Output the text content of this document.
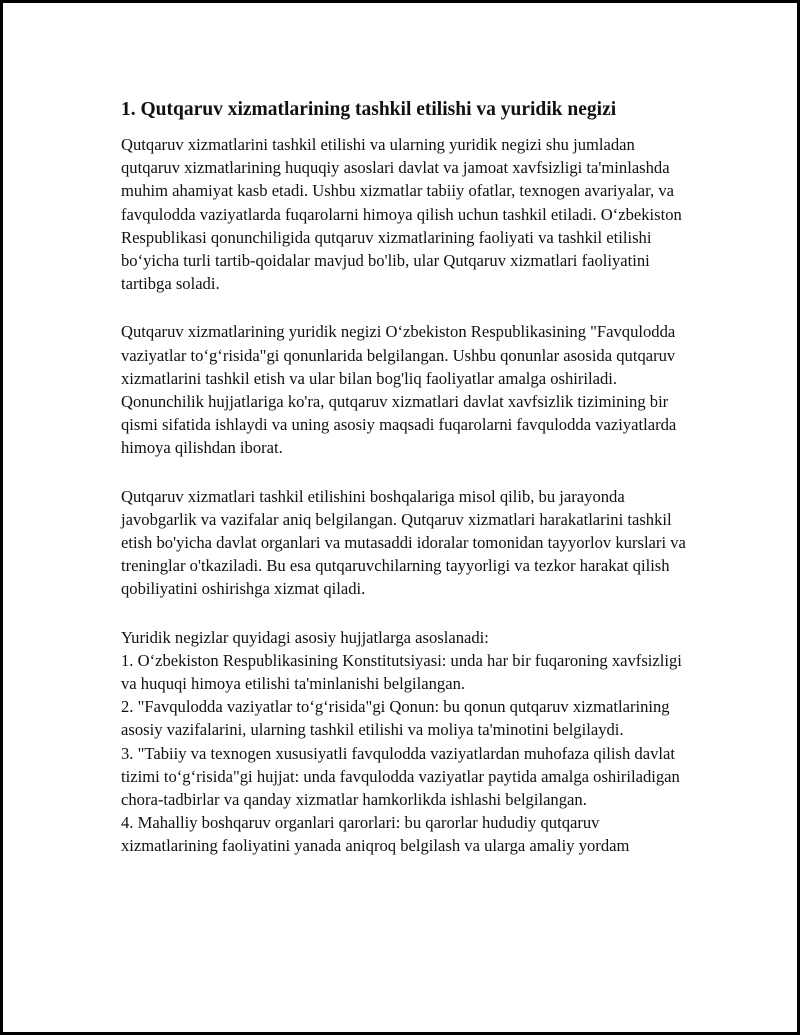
1. Qutqaruv xizmatlarining tashkil etilishi va yuridik negizi

Qutqaruv xizmatlarini tashkil etilishi va ularning yuridik negizi shu jumladan qutqaruv xizmatlarining huquqiy asoslari davlat va jamoat xavfsizligi ta'minlashda muhim ahamiyat kasb etadi. Ushbu xizmatlar tabiiy ofatlar, texnogen avariyalar, va favqulodda vaziyatlarda fuqarolarni himoya qilish uchun tashkil etiladi. Oʻzbekiston Respublikasi qonunchiligida qutqaruv xizmatlarining faoliyati va tashkil etilishi boʻyicha turli tartib-qoidalar mavjud bo'lib, ular Qutqaruv xizmatlari faoliyatini tartibga soladi.

Qutqaruv xizmatlarining yuridik negizi Oʻzbekiston Respublikasining "Favqulodda vaziyatlar toʻgʻrisida"gi qonunlarida belgilangan. Ushbu qonunlar asosida qutqaruv xizmatlarini tashkil etish va ular bilan bog'liq faoliyatlar amalga oshiriladi. Qonunchilik hujjatlariga ko'ra, qutqaruv xizmatlari davlat xavfsizlik tizimining bir qismi sifatida ishlaydi va uning asosiy maqsadi fuqarolarni favqulodda vaziyatlarda himoya qilishdan iborat.

Qutqaruv xizmatlari tashkil etilishini boshqalariga misol qilib, bu jarayonda javobgarlik va vazifalar aniq belgilangan. Qutqaruv xizmatlari harakatlarini tashkil etish bo'yicha davlat organlari va mutasaddi idoralar tomonidan tayyorlov kurslari va treninglar o'tkaziladi. Bu esa qutqaruvchilarning tayyorligi va tezkor harakat qilish qobiliyatini oshirishga xizmat qiladi.

Yuridik negizlar quyidagi asosiy hujjatlarga asoslanadi:

1. Oʻzbekiston Respublikasining Konstitutsiyasi: unda har bir fuqaroning xavfsizligi va huquqi himoya etilishi ta'minlanishi belgilangan.
2. "Favqulodda vaziyatlar toʻgʻrisida"gi Qonun: bu qonun qutqaruv xizmatlarining asosiy vazifalarini, ularning tashkil etilishi va moliya ta'minotini belgilaydi.
3. "Tabiiy va texnogen xususiyatli favqulodda vaziyatlardan muhofaza qilish davlat tizimi toʻgʻrisida"gi hujjat: unda favqulodda vaziyatlar paytida amalga oshiriladigan chora-tadbirlar va qanday xizmatlar hamkorlikda ishlashi belgilangan.
4. Mahalliy boshqaruv organlari qarorlari: bu qarorlar hududiy qutqaruv xizmatlarining faoliyatini yanada aniqroq belgilash va ularga amaliy yordam
